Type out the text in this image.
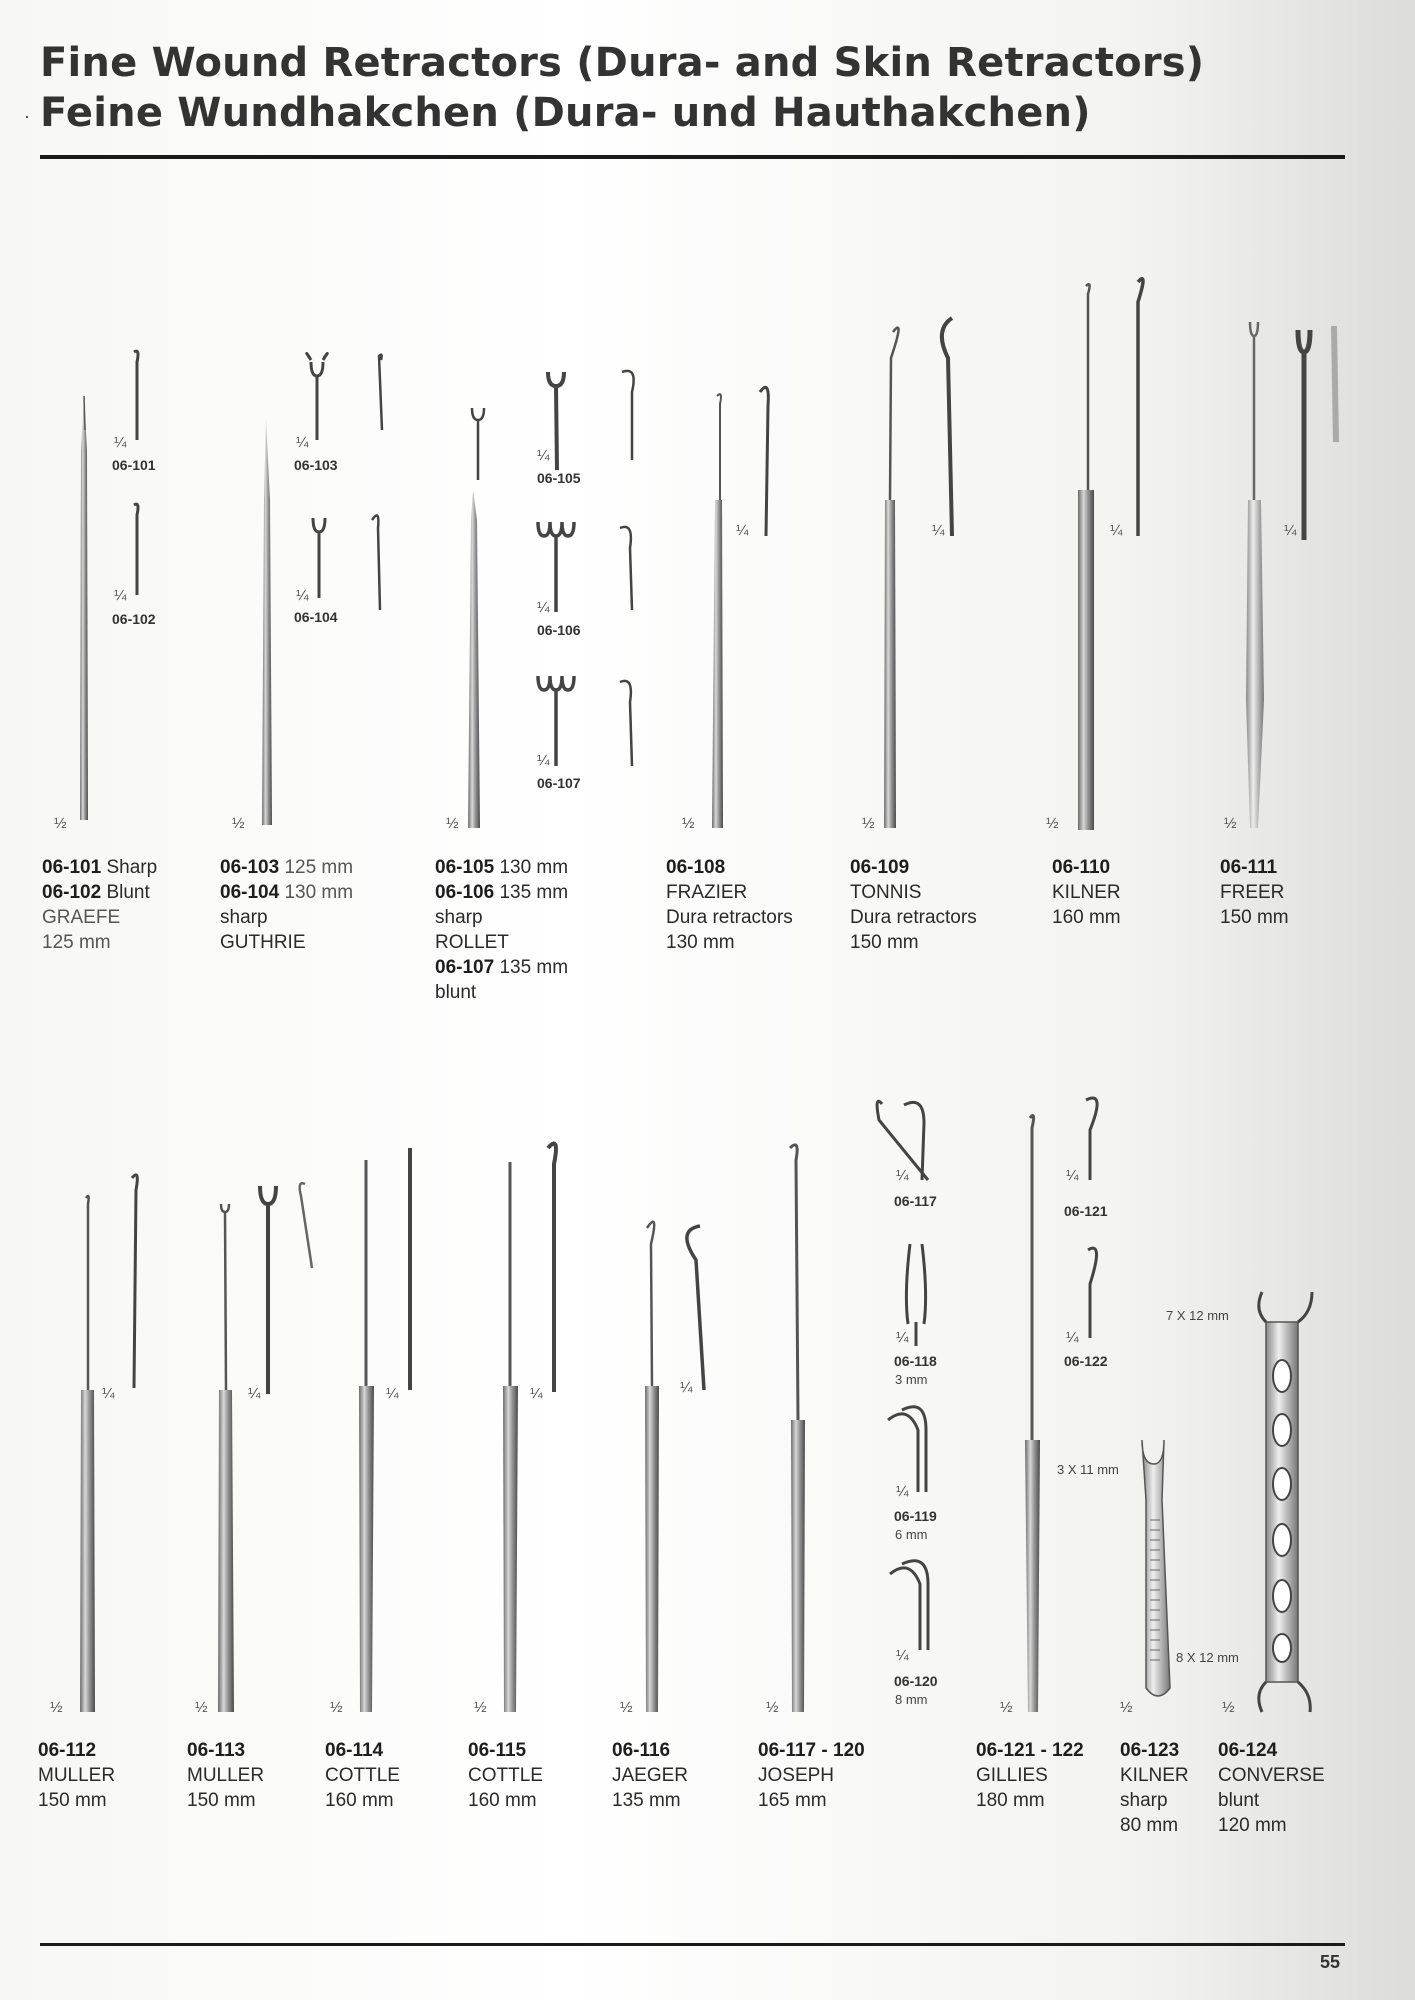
Fine Wound Retractors (Dura- and Skin Retractors)
· Feine Wundhakchen (Dura- und Hauthakchen)
¼
06-101
¼
06-102
½
¼
06-103
¼
06-104
½
¼
06-105
¼
06-106
¼
06-107
½
¼
½
¼
½
¼
½
¼
½
¼
½
¼
½
¼
½
¼
½
¼
½
¼
06-117
¼
06-118
3 mm
¼
06-119
6 mm
¼
06-120
8 mm
½
¼
06-121
¼
06-122
½
3 X 11 mm
½
7 X 12 mm
8 X 12 mm
½
06-101 Sharp
06-102 Blunt
GRAEFE
125 mm
06-103 125 mm
06-104 130 mm
sharp
GUTHRIE
06-105 130 mm
06-106 135 mm
sharp
ROLLET
06-107 135 mm
blunt
06-108
FRAZIER
Dura retractors
130 mm
06-109
TONNIS
Dura retractors
150 mm
06-110
KILNER
160 mm
06-111
FREER
150 mm
06-112
MULLER
150 mm
06-113
MULLER
150 mm
06-114
COTTLE
160 mm
06-115
COTTLE
160 mm
06-116
JAEGER
135 mm
06-117 - 120
JOSEPH
165 mm
06-121 - 122
GILLIES
180 mm
06-123
KILNER
sharp
80 mm
06-124
CONVERSE
blunt
120 mm
55
